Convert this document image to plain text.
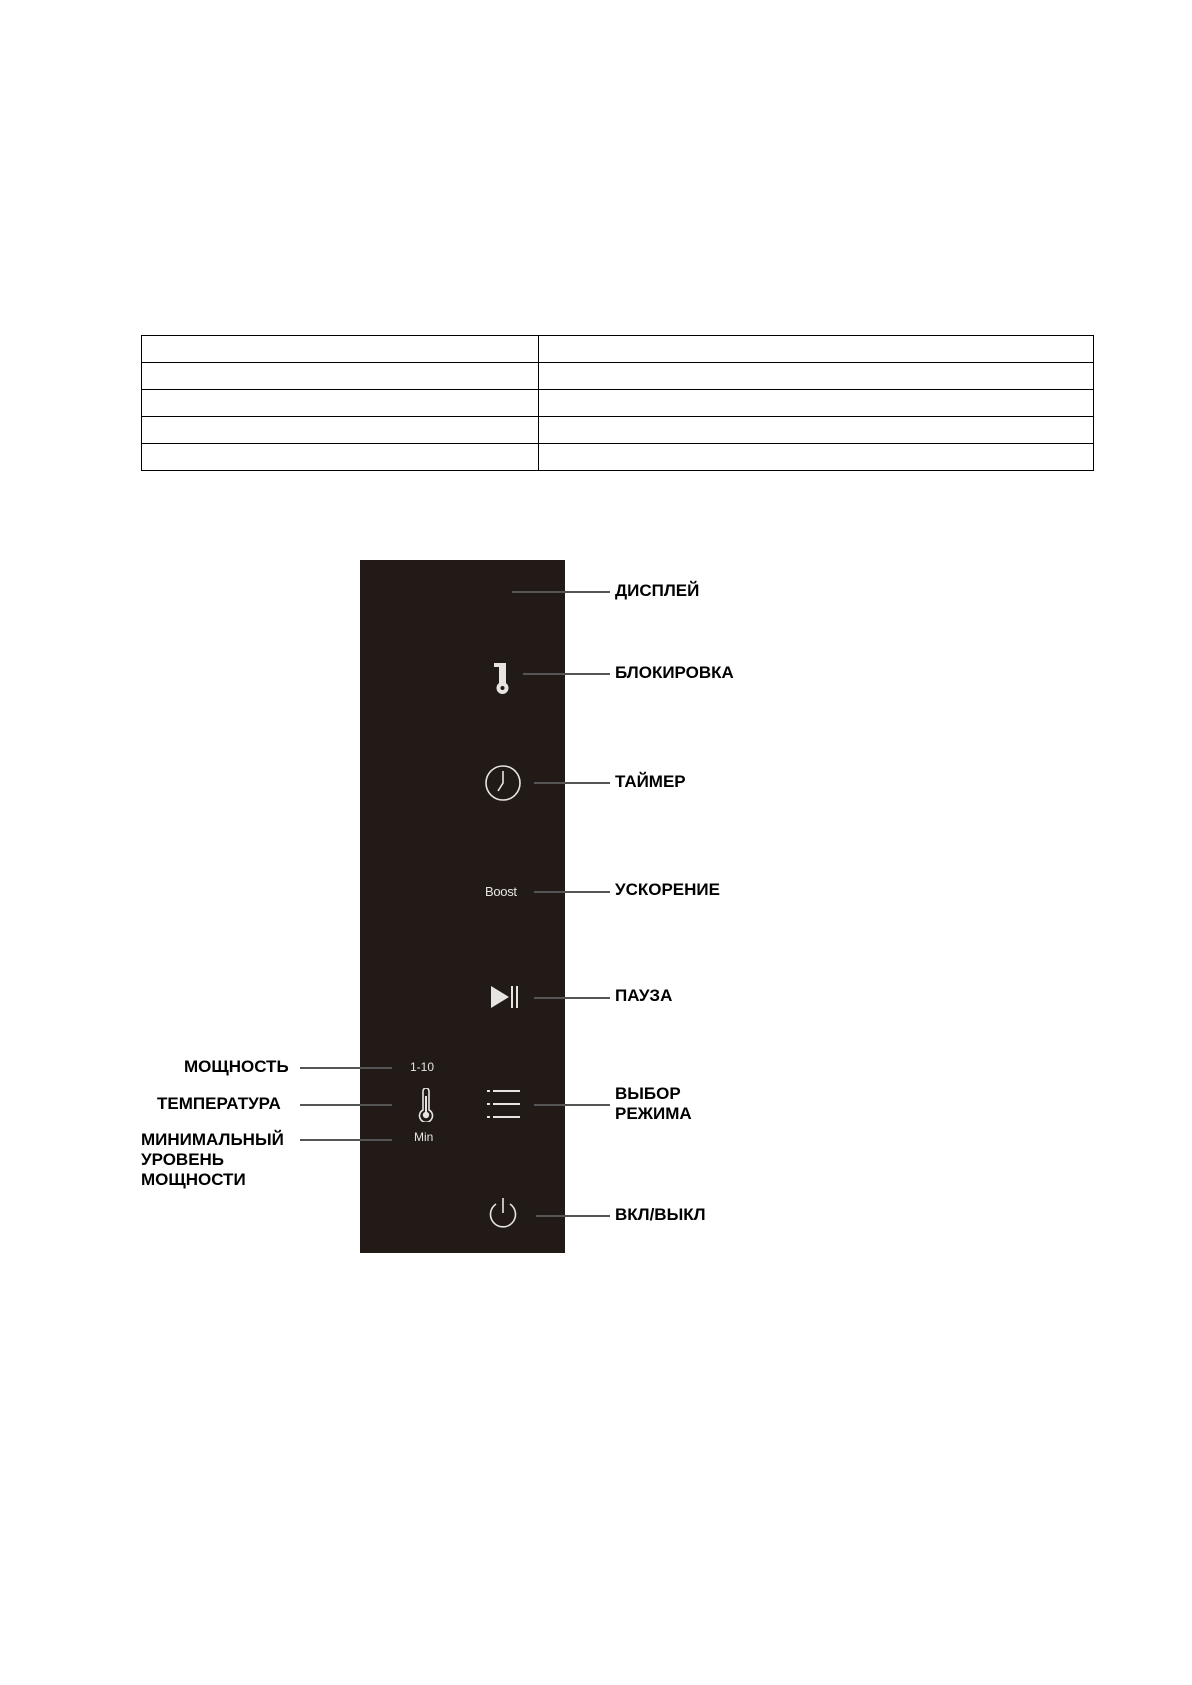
Boost
1-10
Min
ДИСПЛЕЙ
БЛОКИРОВКА
ТАЙМЕР
УСКОРЕНИЕ
ПАУЗА
ВЫБОР
РЕЖИМА
ВКЛ/ВЫКЛ
МОЩНОСТЬ
ТЕМПЕРАТУРА
МИНИМАЛЬНЫЙ
УРОВЕНЬ
МОЩНОСТИ
